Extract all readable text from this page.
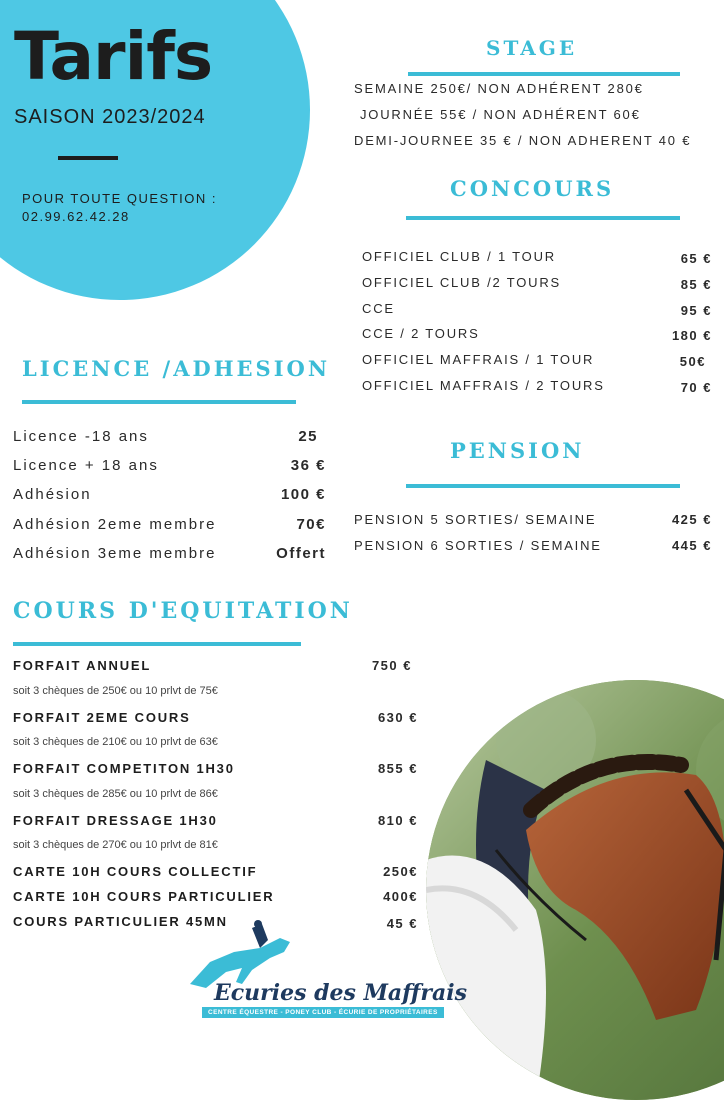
Tarifs
SAISON 2023/2024
POUR TOUTE QUESTION :
02.99.62.42.28
STAGE
SEMAINE 250€/ NON ADHÉRENT 280€
JOURNÉE 55€ / NON ADHÉRENT 60€
DEMI-JOURNEE 35 € / NON ADHERENT 40 €
CONCOURS
OFFICIEL CLUB / 1 TOUR	65 €
OFFICIEL CLUB /2 TOURS	85 €
CCE	95 €
CCE / 2 TOURS	180 €
OFFICIEL MAFFRAIS / 1 TOUR	50€
OFFICIEL MAFFRAIS / 2 TOURS	70 €
LICENCE /ADHESION
Licence -18 ans	25
Licence + 18 ans	36 €
Adhésion	100 €
Adhésion 2eme membre	70€
Adhésion 3eme membre	Offert
PENSION
PENSION 5 SORTIES/ SEMAINE	425 €
PENSION 6 SORTIES / SEMAINE	445 €
COURS D'EQUITATION
FORFAIT ANNUEL	750 €
soit 3 chèques de 250€ ou 10 prlvt de 75€
FORFAIT 2EME COURS	630 €
soit 3 chèques de 210€ ou 10 prlvt de 63€
FORFAIT COMPETITON 1H30	855 €
soit 3 chèques de 285€ ou 10 prlvt de 86€
FORFAIT DRESSAGE 1H30	810 €
soit 3 chèques de 270€ ou 10 prlvt de 81€
CARTE 10H COURS COLLECTIF	250€
CARTE 10H COURS PARTICULIER	400€
COURS PARTICULIER 45MN	45 €
Ecuries des Maffrais
CENTRE ÉQUESTRE - PONEY CLUB - ÉCURIE DE PROPRIÉTAIRES
